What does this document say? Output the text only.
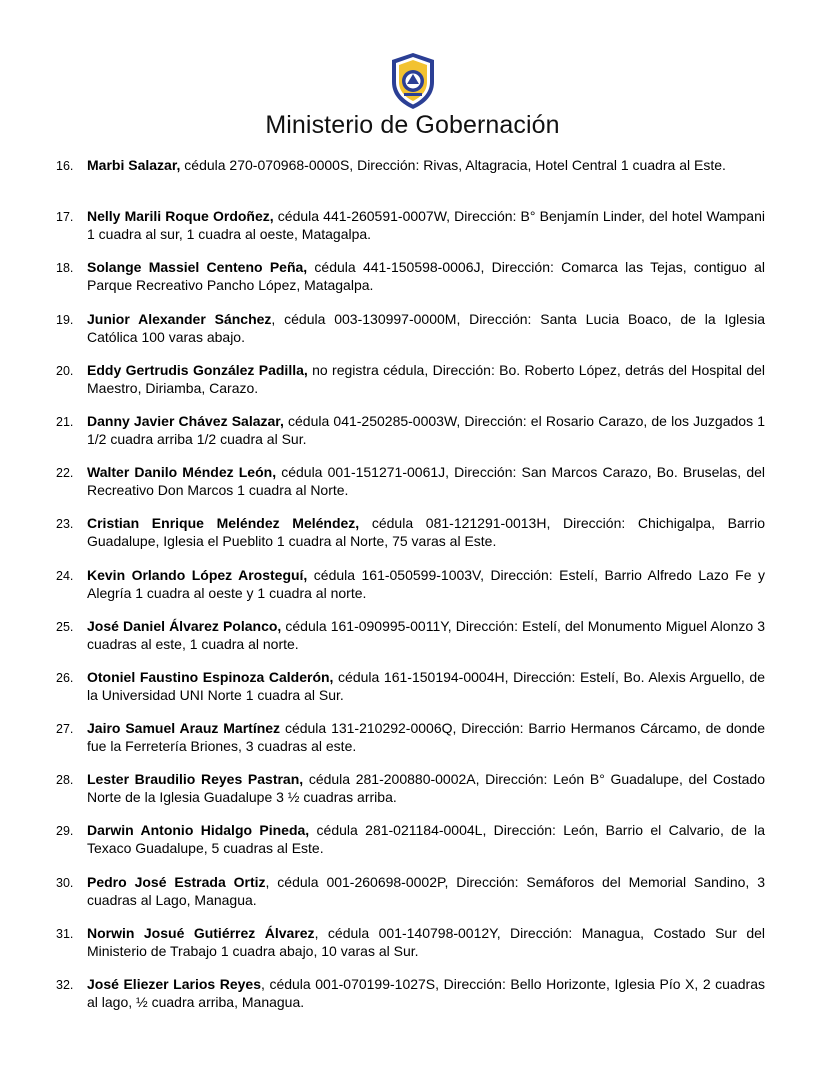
Ministerio de Gobernación
16. Marbi Salazar, cédula 270-070968-0000S, Dirección: Rivas, Altagracia, Hotel Central 1 cuadra al Este.
17. Nelly Marili Roque Ordoñez, cédula 441-260591-0007W, Dirección: B° Benjamín Linder, del hotel Wampani 1 cuadra al sur, 1 cuadra al oeste, Matagalpa.
18. Solange Massiel Centeno Peña, cédula 441-150598-0006J, Dirección: Comarca las Tejas, contiguo al Parque Recreativo Pancho López, Matagalpa.
19. Junior Alexander Sánchez, cédula 003-130997-0000M, Dirección: Santa Lucia Boaco, de la Iglesia Católica 100 varas abajo.
20. Eddy Gertrudis González Padilla, no registra cédula, Dirección: Bo. Roberto López, detrás del Hospital del Maestro, Diriamba, Carazo.
21. Danny Javier Chávez Salazar, cédula 041-250285-0003W, Dirección: el Rosario Carazo, de los Juzgados 1 1/2 cuadra arriba 1/2 cuadra al Sur.
22. Walter Danilo Méndez León, cédula 001-151271-0061J, Dirección: San Marcos Carazo, Bo. Bruselas, del Recreativo Don Marcos 1 cuadra al Norte.
23. Cristian Enrique Meléndez Meléndez, cédula 081-121291-0013H, Dirección: Chichigalpa, Barrio Guadalupe, Iglesia el Pueblito 1 cuadra al Norte, 75 varas al Este.
24. Kevin Orlando López Arosteguí, cédula 161-050599-1003V, Dirección: Estelí, Barrio Alfredo Lazo Fe y Alegría 1 cuadra al oeste y 1 cuadra al norte.
25. José Daniel Álvarez Polanco, cédula 161-090995-0011Y, Dirección: Estelí, del Monumento Miguel Alonzo 3 cuadras al este, 1 cuadra al norte.
26. Otoniel Faustino Espinoza Calderón, cédula 161-150194-0004H, Dirección: Estelí, Bo. Alexis Arguello, de la Universidad UNI Norte 1 cuadra al Sur.
27. Jairo Samuel Arauz Martínez cédula 131-210292-0006Q, Dirección: Barrio Hermanos Cárcamo, de donde fue la Ferretería Briones, 3 cuadras al este.
28. Lester Braudilio Reyes Pastran, cédula 281-200880-0002A, Dirección: León B° Guadalupe, del Costado Norte de la Iglesia Guadalupe 3 ½ cuadras arriba.
29. Darwin Antonio Hidalgo Pineda, cédula 281-021184-0004L, Dirección: León, Barrio el Calvario, de la Texaco Guadalupe, 5 cuadras al Este.
30. Pedro José Estrada Ortiz, cédula 001-260698-0002P, Dirección: Semáforos del Memorial Sandino, 3 cuadras al Lago, Managua.
31. Norwin Josué Gutiérrez Álvarez, cédula 001-140798-0012Y, Dirección: Managua, Costado Sur del Ministerio de Trabajo 1 cuadra abajo, 10 varas al Sur.
32. José Eliezer Larios Reyes, cédula 001-070199-1027S, Dirección: Bello Horizonte, Iglesia Pío X, 2 cuadras al lago, ½ cuadra arriba, Managua.
